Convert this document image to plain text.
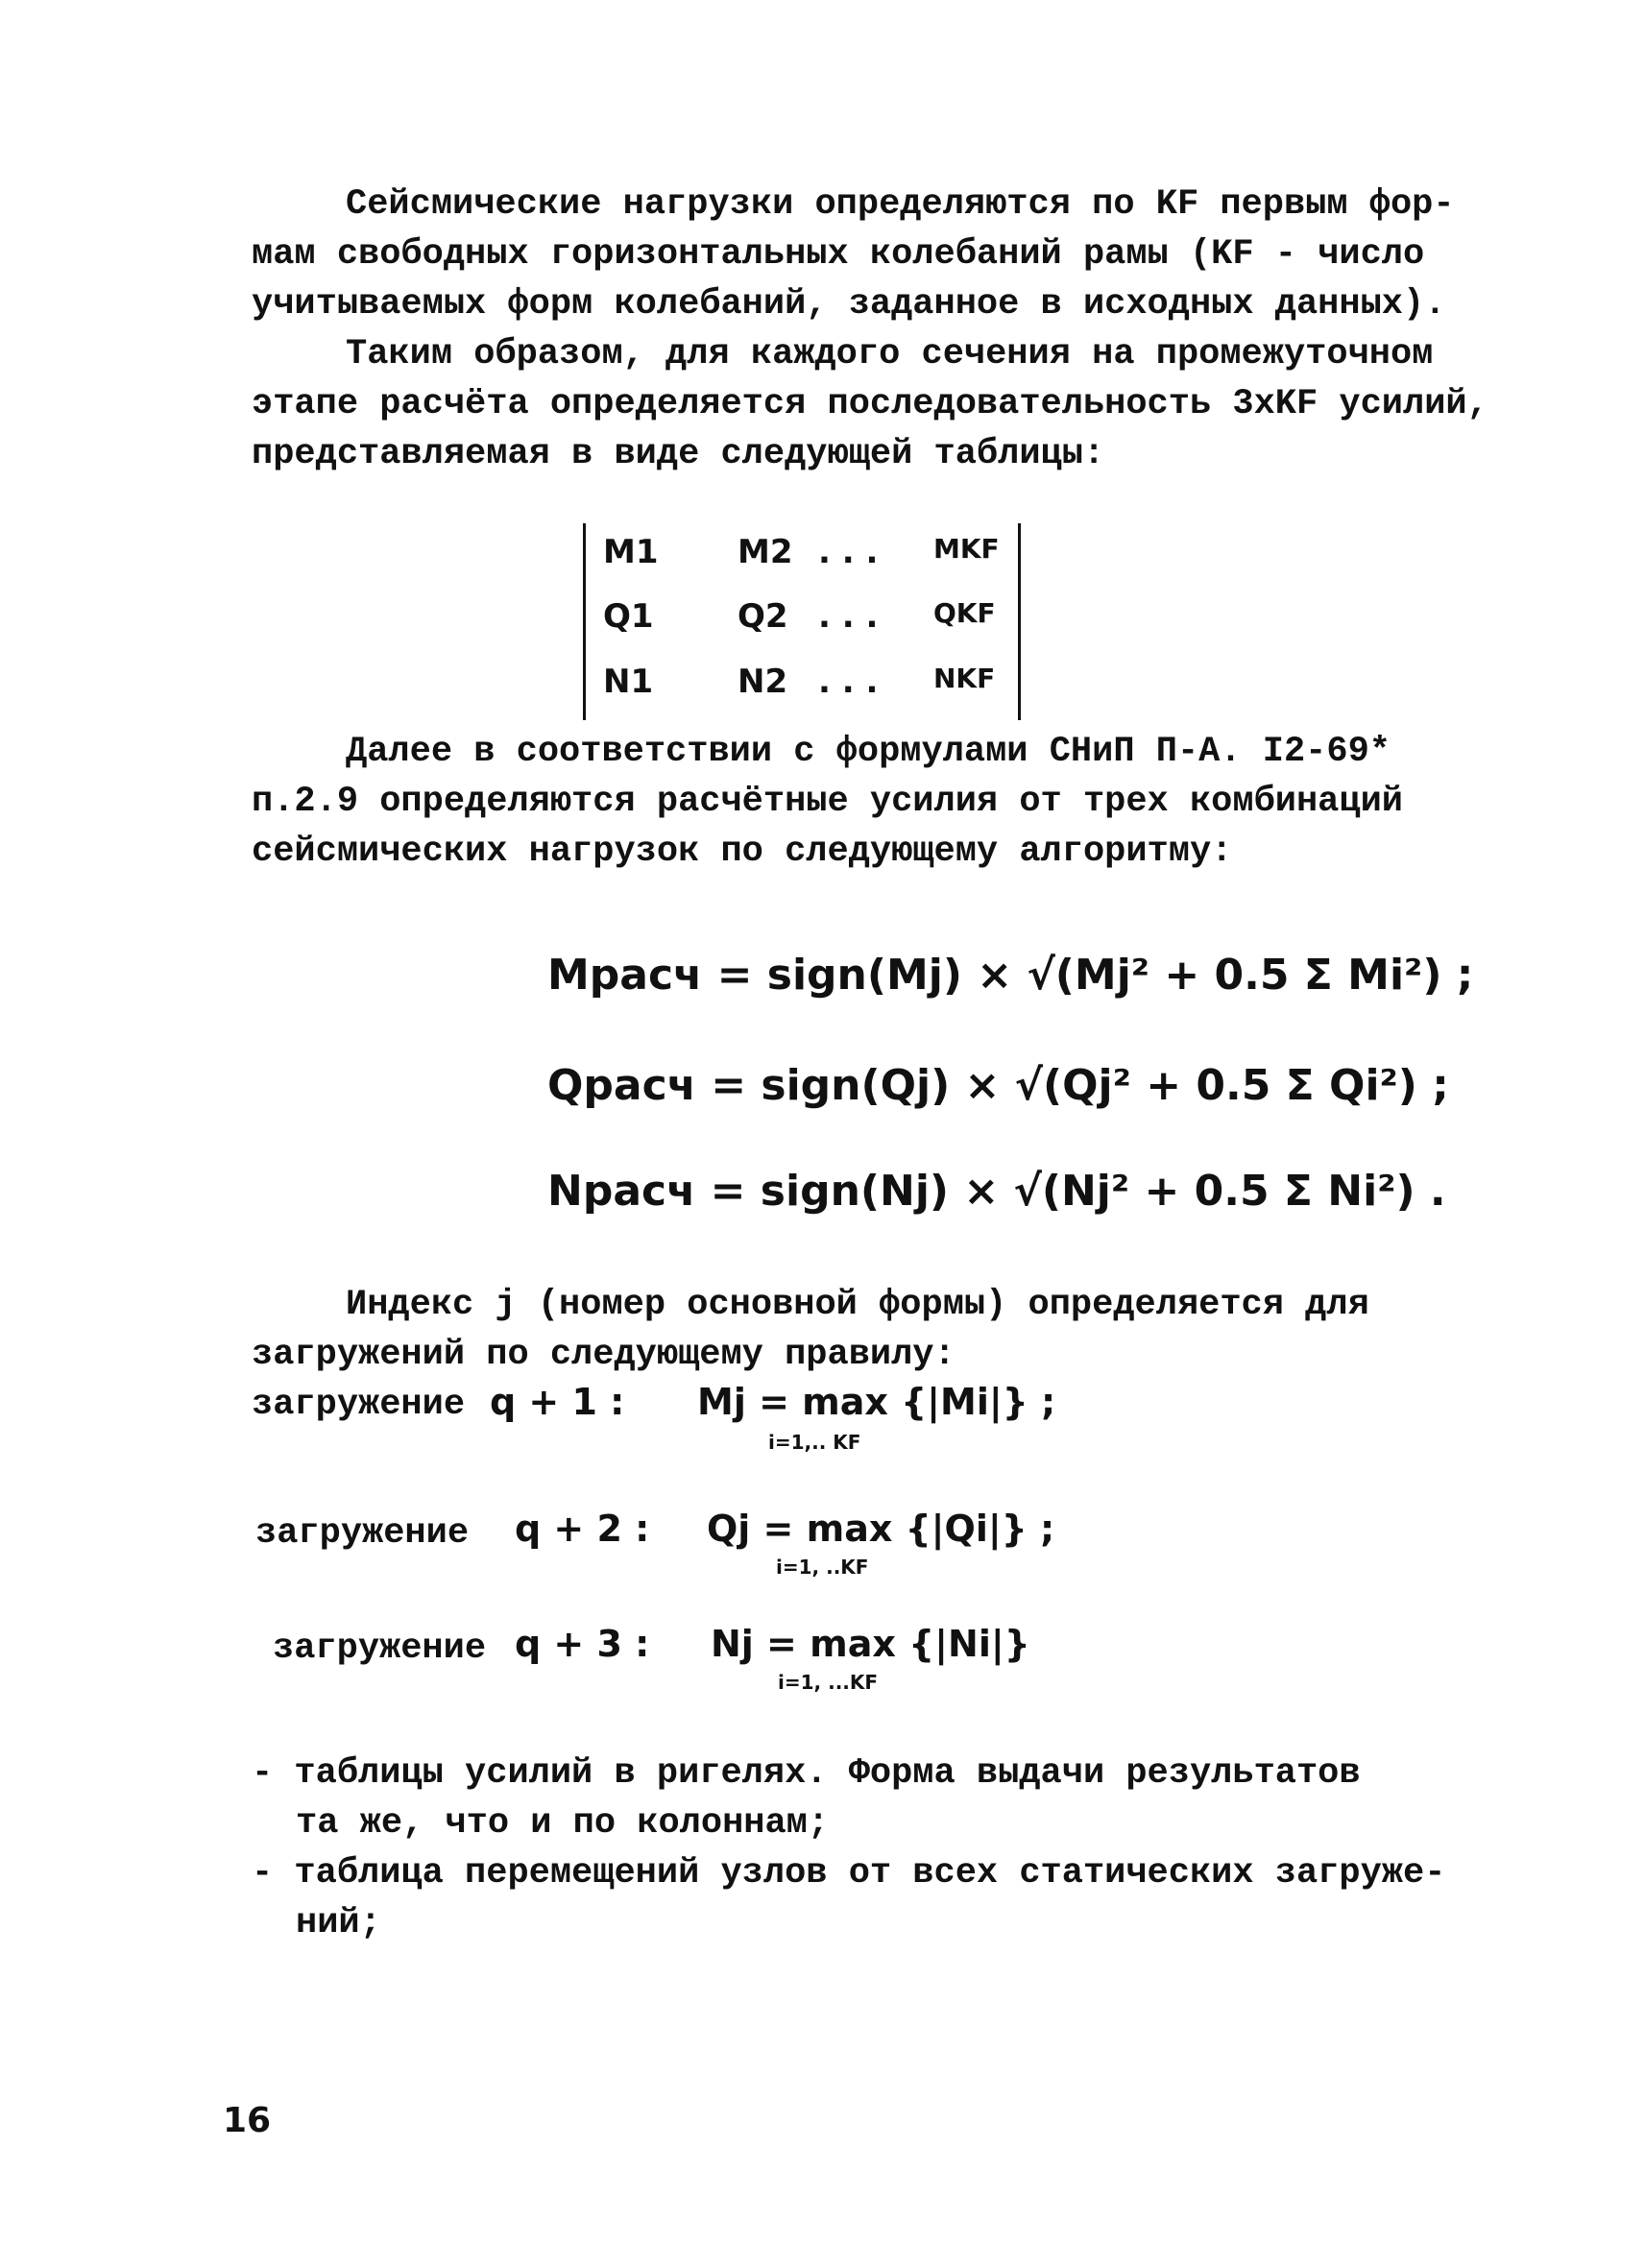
Сейсмические нагрузки определяются по KF первым фор-
мам свободных горизонтальных колебаний рамы (KF - число
учитываемых форм колебаний, заданное в исходных данных).
Таким образом, для каждого сечения на промежуточном
этапе расчёта определяется последовательность 3xKF усилий,
представляемая в виде следующей таблицы:
M1 M2 . . . MKF
Q1	Q2 . . . QKF
N1	N2 . . . NKF
Далее в соответствии с формулами СНиП П-А. I2-69*
п.2.9 определяются расчётные усилия от трех комбинаций
сейсмических нагрузок по следующему алгоритму:
Mрасч = sign(Mj) × √(Mj² + 0.5 Σ Mi²) ;
Qрасч = sign(Qj) × √(Qj² + 0.5 Σ Qi²) ;
Nрасч = sign(Nj) × √(Nj² + 0.5 Σ Ni²) .
Индекс j (номер основной формы) определяется для
загружений по следующему правилу:
загружение q + 1 : Mj = max {|Mi|} ;
i=1,.. KF
загружение q + 2 : Qj = max {|Qi|} ;
i=1, ..KF
загружение q + 3 : Nj = max {|Ni|}
i=1, ...KF
- таблицы усилий в ригелях. Форма выдачи результатов
та же, что и по колоннам;
- таблица перемещений узлов от всех статических загруже-
ний;
16
